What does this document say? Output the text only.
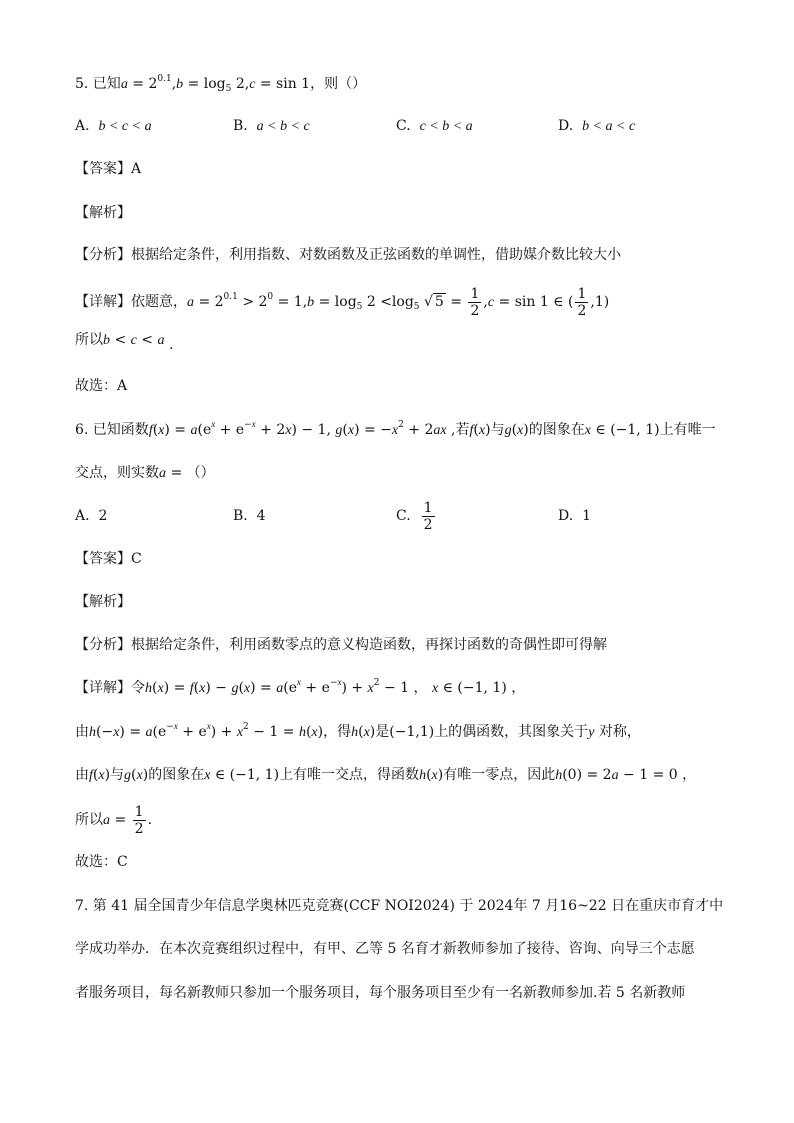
5. 已知$a = 2^{0.1},b = \log_5 2,c = \sin 1$，则（）
A. b < c < a	B. a < b < c	C. c < b < a	D. b < a < c
【答案】A
【解析】
【分析】根据给定条件，利用指数、对数函数及正弦函数的单调性，借助媒介数比较大小
【详解】依题意，$a = 2^{0.1} > 2^0 = 1,b = \log_5 2 <\log_5$ √ $5 = \frac{1}{2} ,c = \sin 1$ ∈ ( $\frac{1}{2} ,1$)
所以b < c < a .
故选：A
6. 已知函数$f(x) = a(e^x + e^{-x} + 2x) - 1$, $g(x) = -x^2 + 2ax$ ,若f(x)与g(x)的图象在x ∈ (−1, 1)上有唯一
交点，则实数a = （）
A. 2	B. 4	C. $\frac{1}{2}$	D. 1
【答案】C
【解析】
【分析】根据给定条件，利用函数零点的意义构造函数，再探讨函数的奇偶性即可得解
【详解】令$h(x) = f(x) - g(x) = a(e^x + e^{-x}) + x^2 - 1$ ， x ∈ (−1, 1) ，
由$h(-x) = a(e^{-x} + e^x) + x^2 - 1 = h(x)$，得h(x)是(−1,1)上的偶函数，其图象关于y 对称，
由f(x)与g(x)的图象在x ∈ (−1, 1)上有唯一交点，得函数h(x)有唯一零点，因此h(0) = 2a − 1 = 0 ，
所以$a = \frac{1}{2}$ .
故选：C
7. 第 41 届全国青少年信息学奥林匹克竞赛(CCF NOI2024) 于 2024年 7 月16~22 日在重庆市育才中
学成功举办．在本次竞赛组织过程中，有甲、乙等 5 名育才新教师参加了接待、咨询、向导三个志愿
者服务项目，每名新教师只参加一个服务项目，每个服务项目至少有一名新教师参加.若 5 名新教师
